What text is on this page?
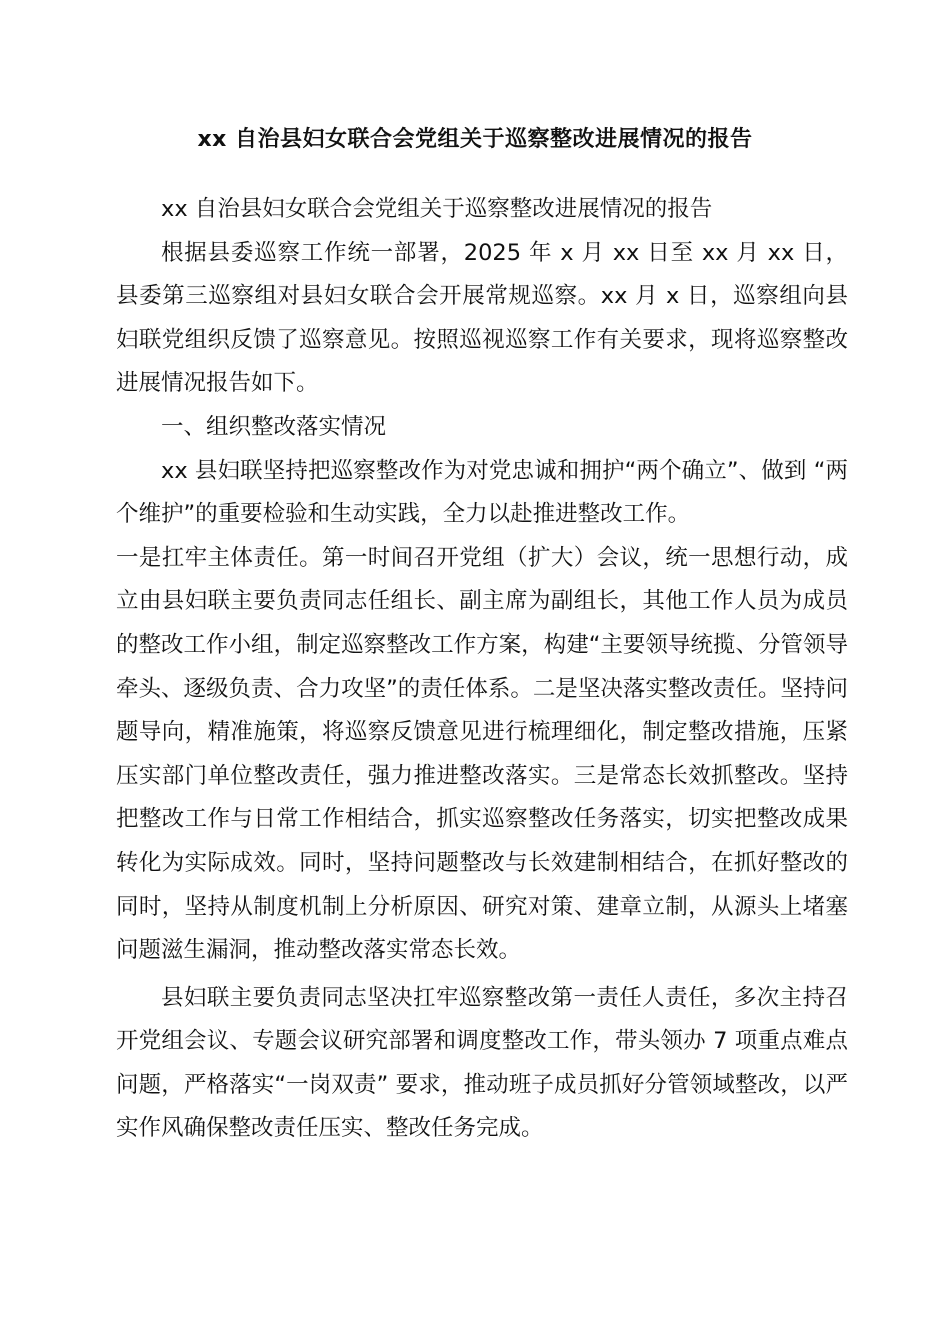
xx 自治县妇女联合会党组关于巡察整改进展情况的报告

xx 自治县妇女联合会党组关于巡察整改进展情况的报告

根据县委巡察工作统一部署，2025 年 x 月 xx 日至 xx 月 xx 日，县委第三巡察组对县妇女联合会开展常规巡察。xx 月 x 日，巡察组向县妇联党组织反馈了巡察意见。按照巡视巡察工作有关要求，现将巡察整改进展情况报告如下。

一、组织整改落实情况

xx 县妇联坚持把巡察整改作为对党忠诚和拥护“两个确立”、做到 “两个维护”的重要检验和生动实践，全力以赴推进整改工作。

一是扛牢主体责任。第一时间召开党组（扩大）会议，统一思想行动，成立由县妇联主要负责同志任组长、副主席为副组长，其他工作人员为成员的整改工作小组，制定巡察整改工作方案，构建“主要领导统揽、分管领导牵头、逐级负责、合力攻坚”的责任体系。二是坚决落实整改责任。坚持问题导向，精准施策，将巡察反馈意见进行梳理细化，制定整改措施，压紧压实部门单位整改责任，强力推进整改落实。三是常态长效抓整改。坚持把整改工作与日常工作相结合，抓实巡察整改任务落实，切实把整改成果转化为实际成效。同时，坚持问题整改与长效建制相结合，在抓好整改的同时，坚持从制度机制上分析原因、研究对策、建章立制，从源头上堵塞问题滋生漏洞，推动整改落实常态长效。

县妇联主要负责同志坚决扛牢巡察整改第一责任人责任，多次主持召开党组会议、专题会议研究部署和调度整改工作，带头领办 7 项重点难点问题，严格落实“一岗双责” 要求，推动班子成员抓好分管领域整改，以严实作风确保整改责任压实、整改任务完成。
